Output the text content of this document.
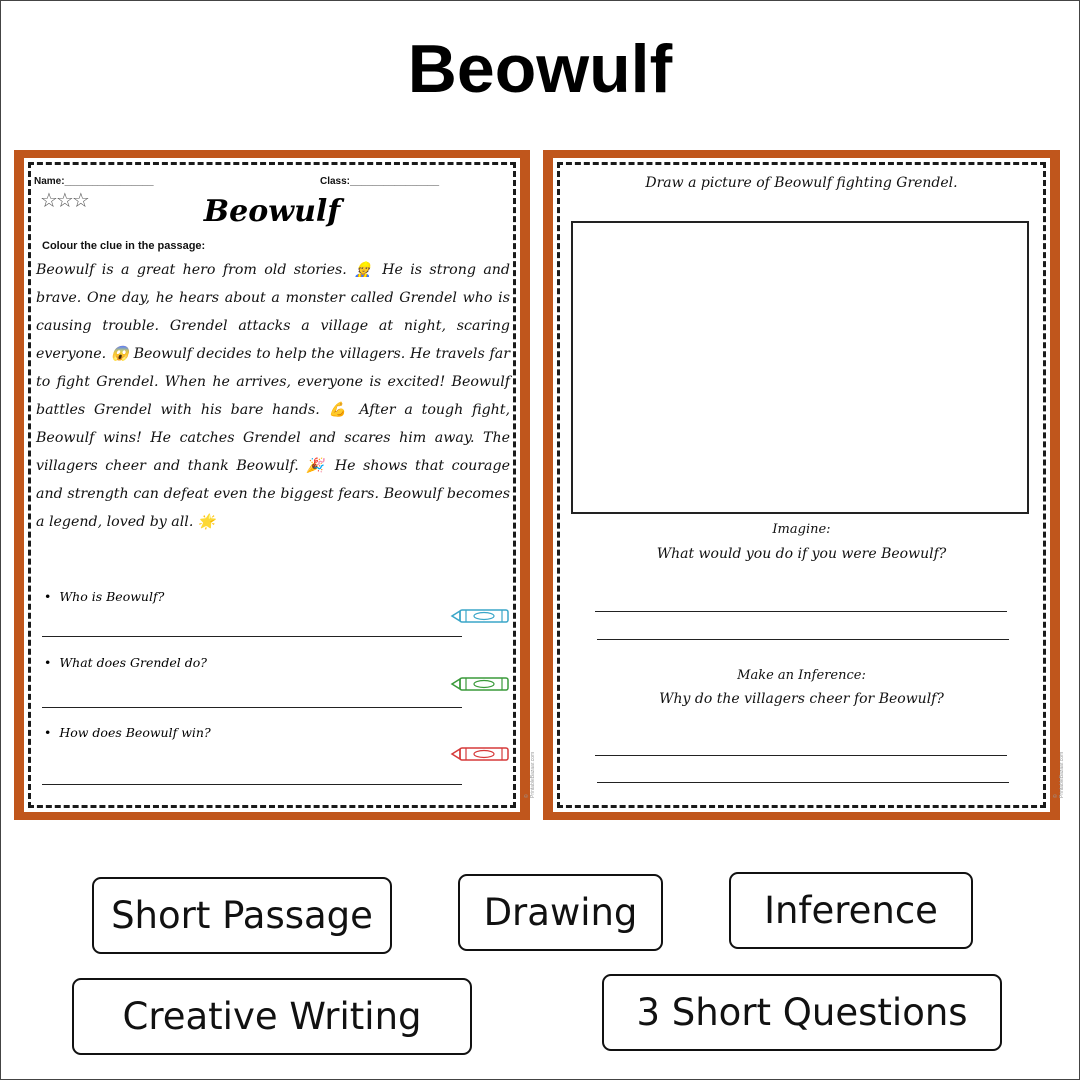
Beowulf
Name:________________	Class:________________
☆☆☆	Beowulf
Colour the clue in the passage:
Beowulf is a great hero from old stories. 👷 He is strong and brave. One day, he hears about a monster called Grendel who is causing trouble. Grendel attacks a village at night, scaring everyone. 😱 Beowulf decides to help the villagers. He travels far to fight Grendel. When he arrives, everyone is excited! Beowulf battles Grendel with his bare hands. 💪 After a tough fight, Beowulf wins! He catches Grendel and scares him away. The villagers cheer and thank Beowulf. 🎉 He shows that courage and strength can defeat even the biggest fears. Beowulf becomes a legend, loved by all. 🌟
•  Who is Beowulf?
•  What does Grendel do?
•  How does Beowulf win?
© PrintableBazaar.com
Draw a picture of Beowulf fighting Grendel.
Imagine:
What would you do if you were Beowulf?
Make an Inference:
Why do the villagers cheer for Beowulf?
© PrintableBazaar.com
Short Passage	Drawing	Inference
Creative Writing	3 Short Questions
